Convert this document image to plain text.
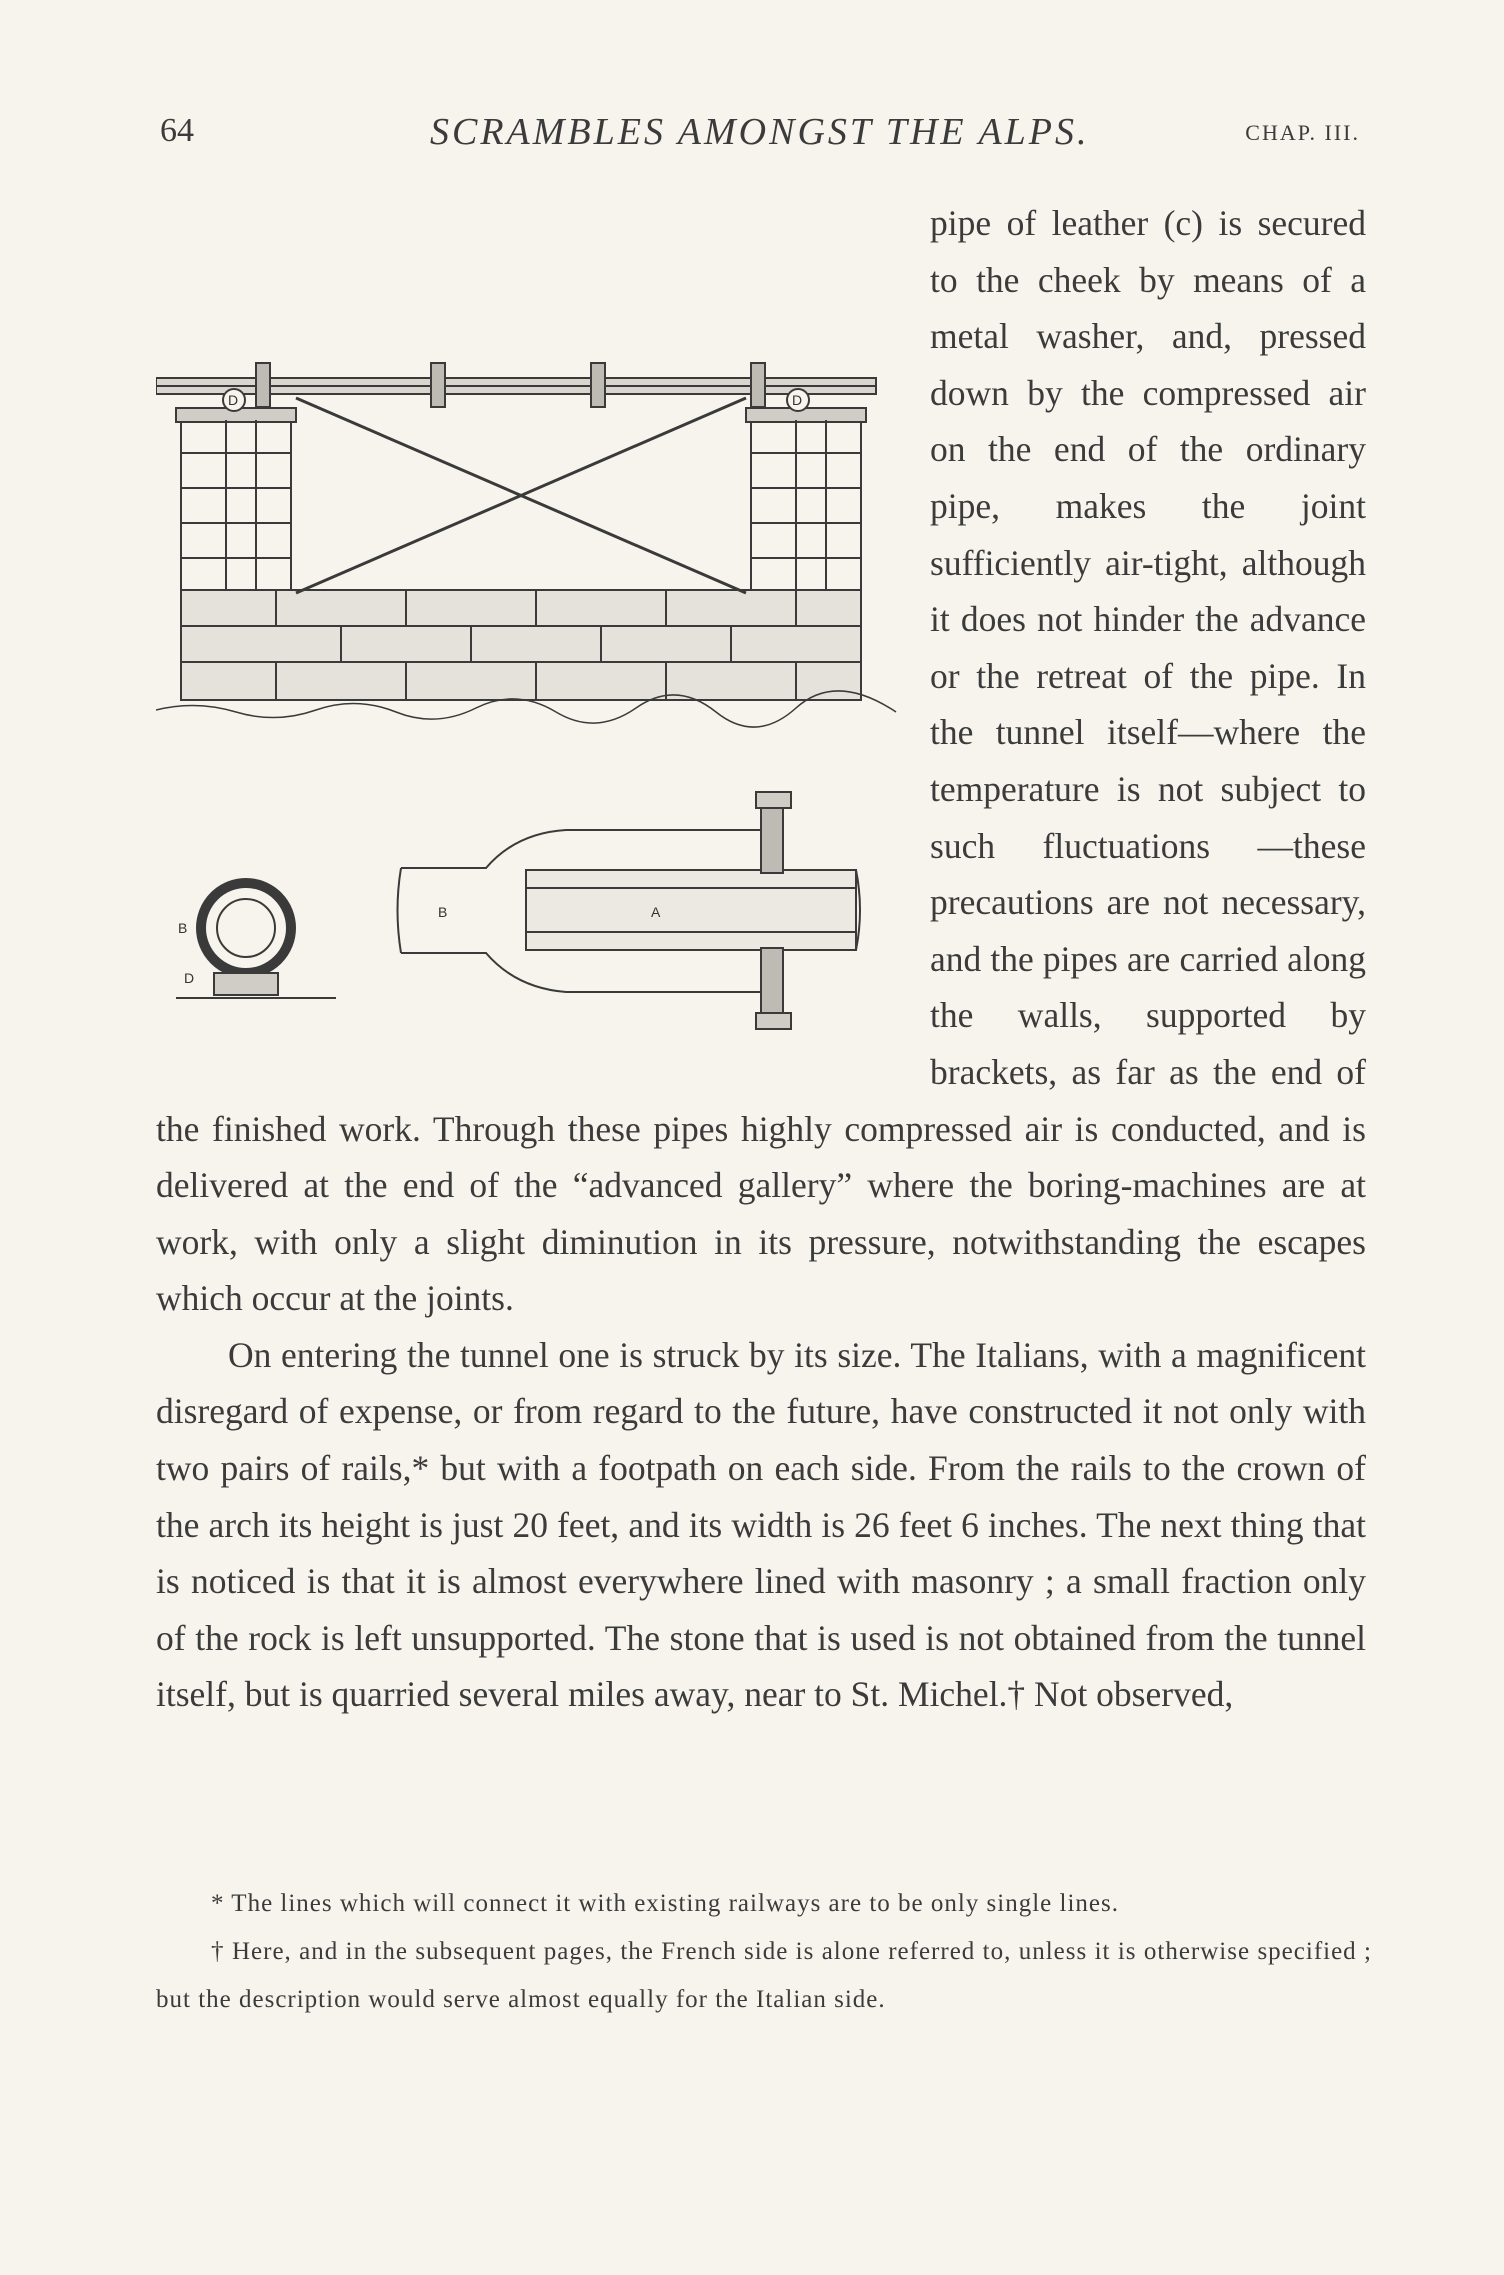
64	SCRAMBLES AMONGST THE ALPS.	CHAP. III.
D	D
B
D
B	A

pipe of leather (c) is secured to the cheek by means of a metal washer, and, pressed down by the compressed air on the end of the ordinary pipe, makes the joint sufficiently air-tight, although it does not hinder the advance or the retreat of the pipe. In the tunnel itself—where the temperature is not subject to such fluctuations —these precautions are not necessary, and the pipes are carried along the walls, supported by brackets, as far as the end of the finished work. Through these pipes highly compressed air is conducted, and is delivered at the end of the “advanced gallery” where the boring-machines are at work, with only a slight diminution in its pressure, notwithstanding the escapes which occur at the joints.

On entering the tunnel one is struck by its size. The Italians, with a magnificent disregard of expense, or from regard to the future, have constructed it not only with two pairs of rails,* but with a footpath on each side. From the rails to the crown of the arch its height is just 20 feet, and its width is 26 feet 6 inches. The next thing that is noticed is that it is almost everywhere lined with masonry ; a small fraction only of the rock is left unsupported. The stone that is used is not obtained from the tunnel itself, but is quarried several miles away, near to St. Michel.† Not observed,

* The lines which will connect it with existing railways are to be only single lines.

† Here, and in the subsequent pages, the French side is alone referred to, unless it is otherwise specified ; but the description would serve almost equally for the Italian side.
